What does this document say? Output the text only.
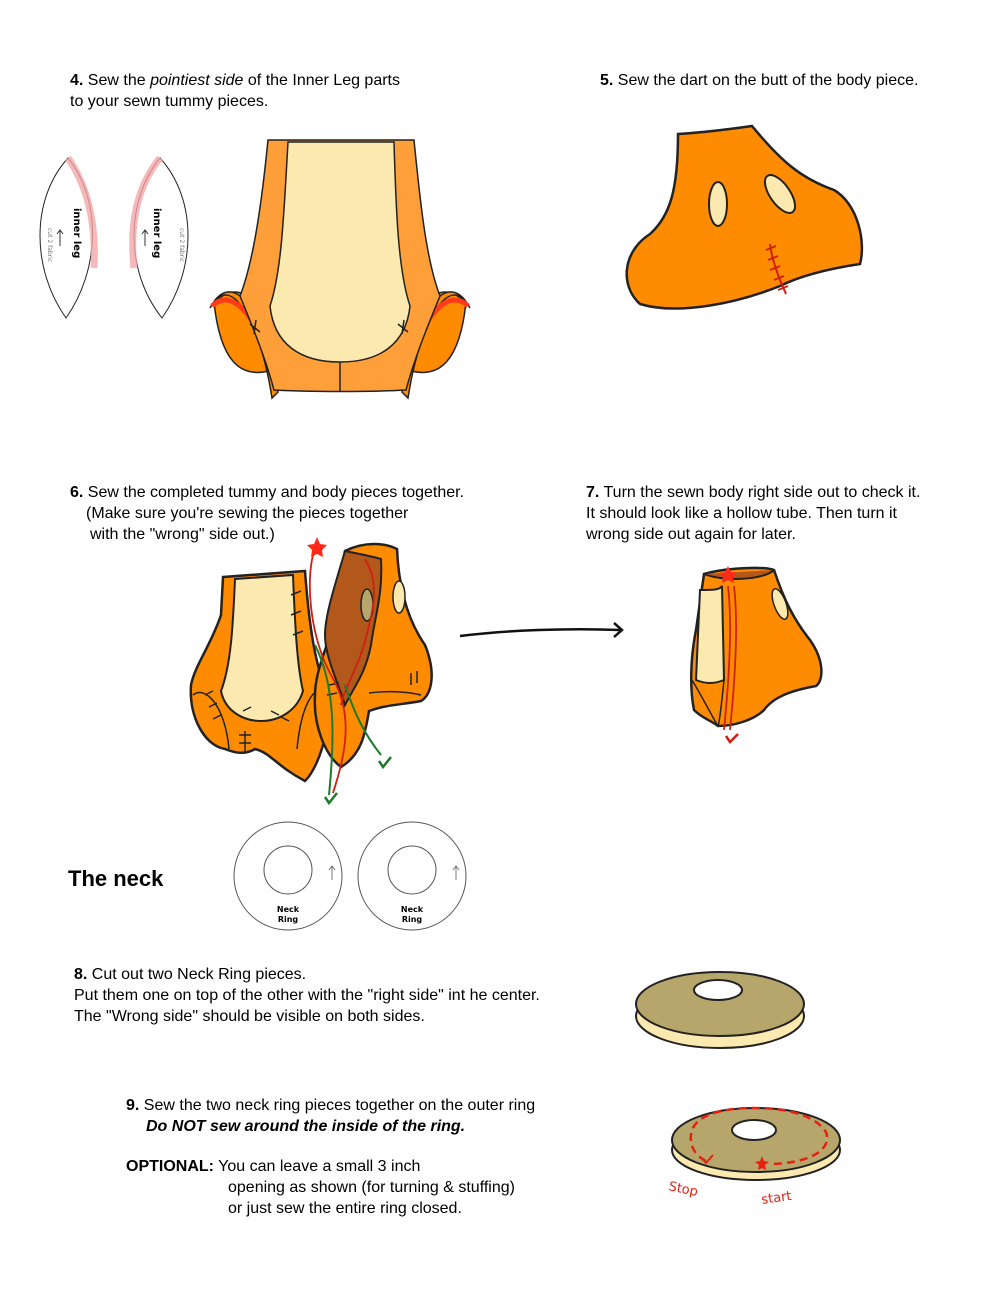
4. Sew the pointiest side of the Inner Leg parts
to your sewn tummy pieces.
5. Sew the dart on the butt of the body piece.
inner leg
cut 2 fabric	inner leg	cut 2 fabric
6. Sew the completed tummy and body pieces together.
(Make sure you're sewing the pieces together
with the "wrong" side out.)
7. Turn the sewn body right side out to check it.
It should look like a hollow tube. Then turn it
wrong side out again for later.
The neck
Neck
Ring
Neck
Ring
8. Cut out two Neck Ring pieces.
Put them one on top of the other with the "right side" int he center.
The "Wrong side" should be visible on both sides.
9. Sew the two neck ring pieces together on the outer ring
Do NOT sew around the inside of the ring.
OPTIONAL: You can leave a small 3 inch
opening as shown (for turning & stuffing)
or just sew the entire ring closed.
Stop	start
